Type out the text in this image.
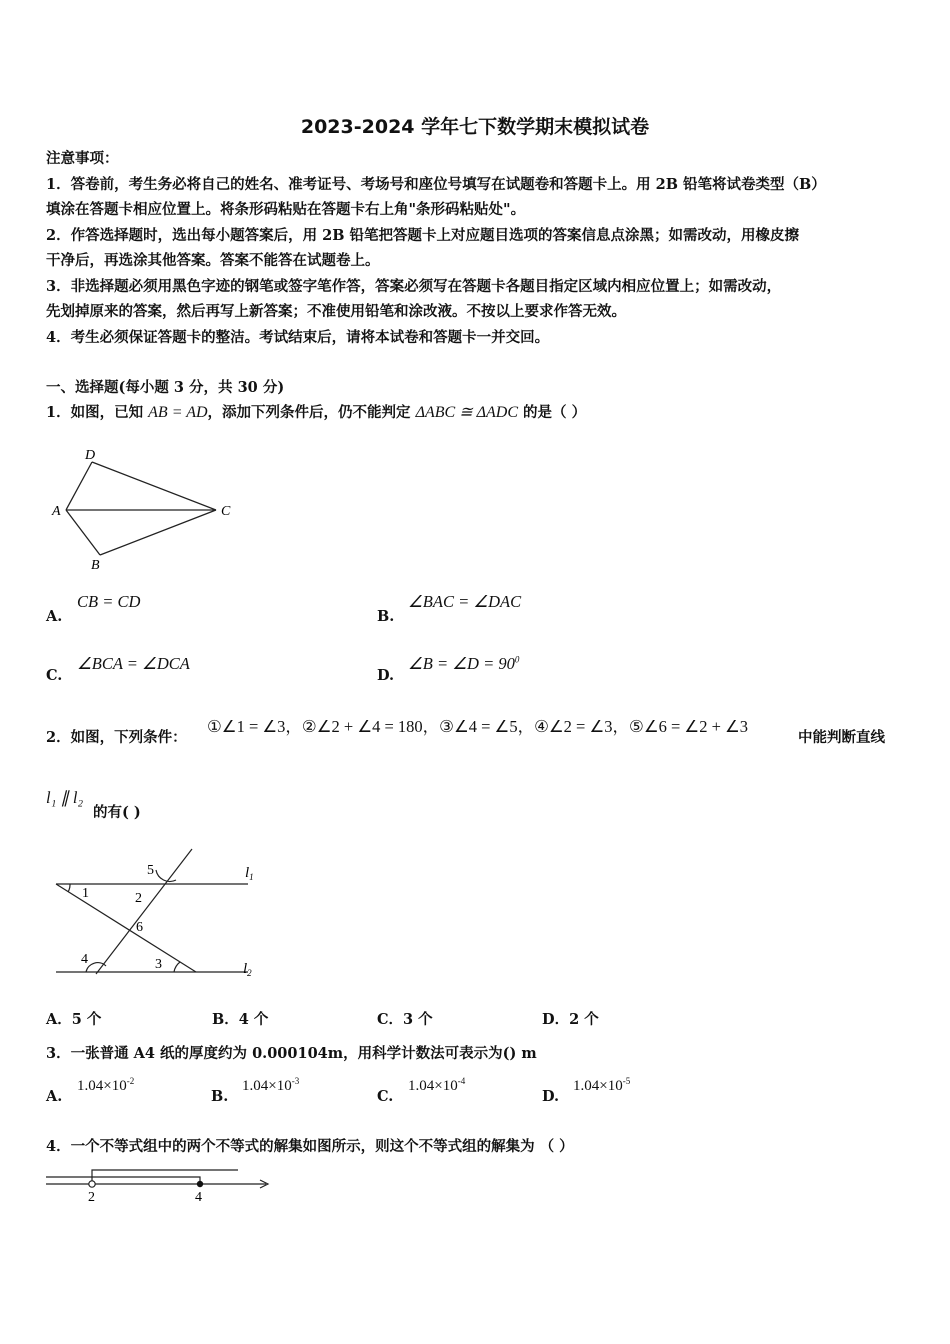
2023-2024 学年七下数学期末模拟试卷
注意事项：
1．答卷前，考生务必将自己的姓名、准考证号、考场号和座位号填写在试题卷和答题卡上。用 2B 铅笔将试卷类型（B）
填涂在答题卡相应位置上。将条形码粘贴在答题卡右上角"条形码粘贴处"。
2．作答选择题时，选出每小题答案后，用 2B 铅笔把答题卡上对应题目选项的答案信息点涂黑；如需改动，用橡皮擦
干净后，再选涂其他答案。答案不能答在试题卷上。
3．非选择题必须用黑色字迹的钢笔或签字笔作答，答案必须写在答题卡各题目指定区域内相应位置上；如需改动，
先划掉原来的答案，然后再写上新答案；不准使用铅笔和涂改液。不按以上要求作答无效。
4．考生必须保证答题卡的整洁。考试结束后，请将本试卷和答题卡一并交回。
一、选择题(每小题 3 分，共 30 分)
1．如图，已知 AB = AD，添加下列条件后，仍不能判定 ΔABC ≅ ΔADC 的是（ ）
D
A	C
B
A.
CB = CD
B.
∠BAC = ∠DAC
C.
∠BCA = ∠DCA
D.
∠B = ∠D = $90^0$
2．如图，下列条件：
①∠1 = ∠3，②∠2 + ∠4 = 180，③∠4 = ∠5，④∠2 = ∠3，⑤∠6 = ∠2 + ∠3
中能判断直线
l₁ ∥ l₂
的有( )
1	2
3
4
5
6
$l_1$
$l_2$
A．5 个	B．4 个	C．3 个	D．2 个
3．一张普通 A4 纸的厚度约为 0.000104m，用科学计数法可表示为() m
A.
$1.04\times 10^{-2}$
B.
$1.04\times 10^{-3}$
C.
$1.04\times 10^{-4}$
D.
$1.04\times 10^{-5}$
4．一个不等式组中的两个不等式的解集如图所示，则这个不等式组的解集为 （ ）
2	4
